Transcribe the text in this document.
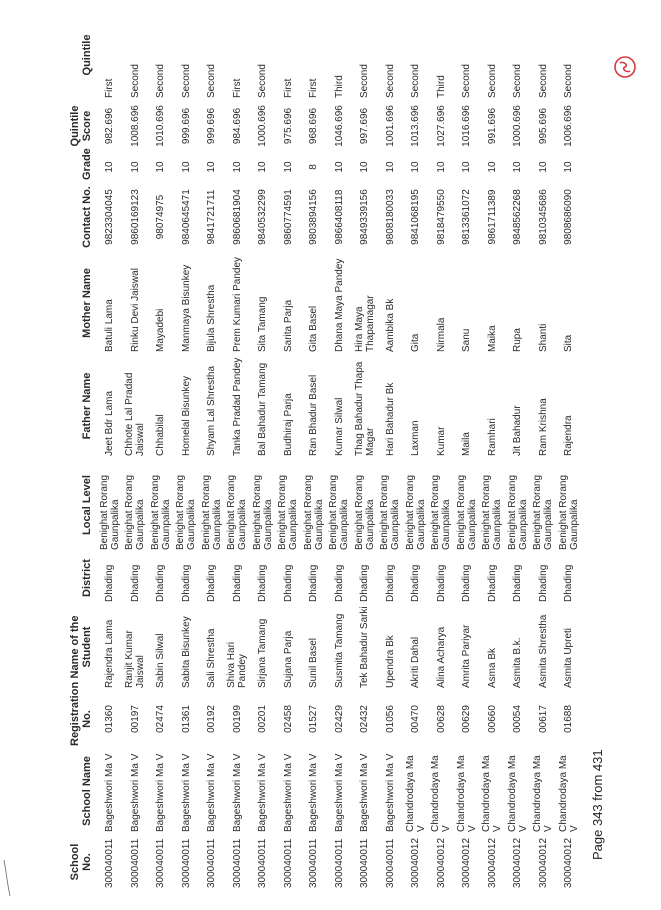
School No.	School Name	Registration No.	Name of the Student	District	Local Level	Father Name	Mother Name	Contact No.	Grade	Quintile Score	Quintile
300040011	Bageshwori Ma V	01360	Rajendra Lama	Dhading	Benighat Rorang Gaunpalika	Jeet Bdr Lama	Batuli Lama	9823304045	10	982.696	First
300040011	Bageshwori Ma V	00197	Ranjit Kumar Jaiswal	Dhading	Benighat Rorang Gaunpalika	Chhote Lal Pradad Jaiswal	Rinku Devi Jaiswal	9860169123	10	1008.696	Second
300040011	Bageshwori Ma V	02474	Sabin Silwal	Dhading	Benighat Rorang Gaunpalika	Chhabilal	Mayadebi	98074975	10	1010.696	Second
300040011	Bageshwori Ma V	01361	Sabita Bisunkey	Dhading	Benighat Rorang Gaunpalika	Homelal Bisunkey	Manmaya Bisunkey	9840645471	10	999.696	Second
300040011	Bageshwori Ma V	00192	Sali Shrestha	Dhading	Benighat Rorang Gaunpalika	Shyam Lal Shrestha	Bijula Shrestha	9841721711	10	999.696	Second
300040011	Bageshwori Ma V	00199	Shiva Hari Pandey	Dhading	Benighat Rorang Gaunpalika	Tanka Pradad Pandey	Prem Kumari Pandey	9860681904	10	984.696	First
300040011	Bageshwori Ma V	00201	Sirjana Tamang	Dhading	Benighat Rorang Gaunpalika	Bal Bahadur Tamang	Sita Tamang	9840532299	10	1000.696	Second
300040011	Bageshwori Ma V	02458	Sujana Parja	Dhading	Benighat Rorang Gaunpalika	Budhiraj Parja	Sarita Parja	9860774591	10	975.696	First
300040011	Bageshwori Ma V	01527	Sunil Basel	Dhading	Benighat Rorang Gaunpalika	Ran Bhadur Basel	Gita Basel	9803894156	8	968.696	First
300040011	Bageshwori Ma V	02429	Susmita Tamang	Dhading	Benighat Rorang Gaunpalika	Kumar Silwal	Dhana Maya Pandey	9866408118	10	1046.696	Third
300040011	Bageshwori Ma V	02432	Tek Bahadur Sarki	Dhading	Benighat Rorang Gaunpalika	Thag Bahadur Thapa Magar	Hira Maya Thapamagar	9849339156	10	997.696	Second
300040011	Bageshwori Ma V	01056	Upendra Bk	Dhading	Benighat Rorang Gaunpalika	Hari Bahadur Bk	Aambika Bk	9808180033	10	1001.696	Second
300040012	Chandrodaya Ma V	00470	Akriti Dahal	Dhading	Benighat Rorang Gaunpalika	Laxman	Gita	9841068195	10	1013.696	Second
300040012	Chandrodaya Ma V	00628	Alina Acharya	Dhading	Benighat Rorang Gaunpalika	Kumar	Nirmala	9818479550	10	1027.696	Third
300040012	Chandrodaya Ma V	00629	Amrita Pariyar	Dhading	Benighat Rorang Gaunpalika	Maila	Sanu	9813361072	10	1016.696	Second
300040012	Chandrodaya Ma V	00660	Asma Bk	Dhading	Benighat Rorang Gaunpalika	Ramhari	Maika	9861711389	10	991.696	Second
300040012	Chandrodaya Ma V	00054	Asmita B.k.	Dhading	Benighat Rorang Gaunpalika	Jit Bahadur	Rupa	9848562268	10	1000.696	Second
300040012	Chandrodaya Ma V	00617	Asmita Shrestha	Dhading	Benighat Rorang Gaunpalika	Ram Krishna	Shanti	9810345686	10	995.696	Second
300040012	Chandrodaya Ma V	01688	Asmita Upreti	Dhading	Benighat Rorang Gaunpalika	Rajendra	Sita	9808686090	10	1006.696	Second
Page 343 from 431
